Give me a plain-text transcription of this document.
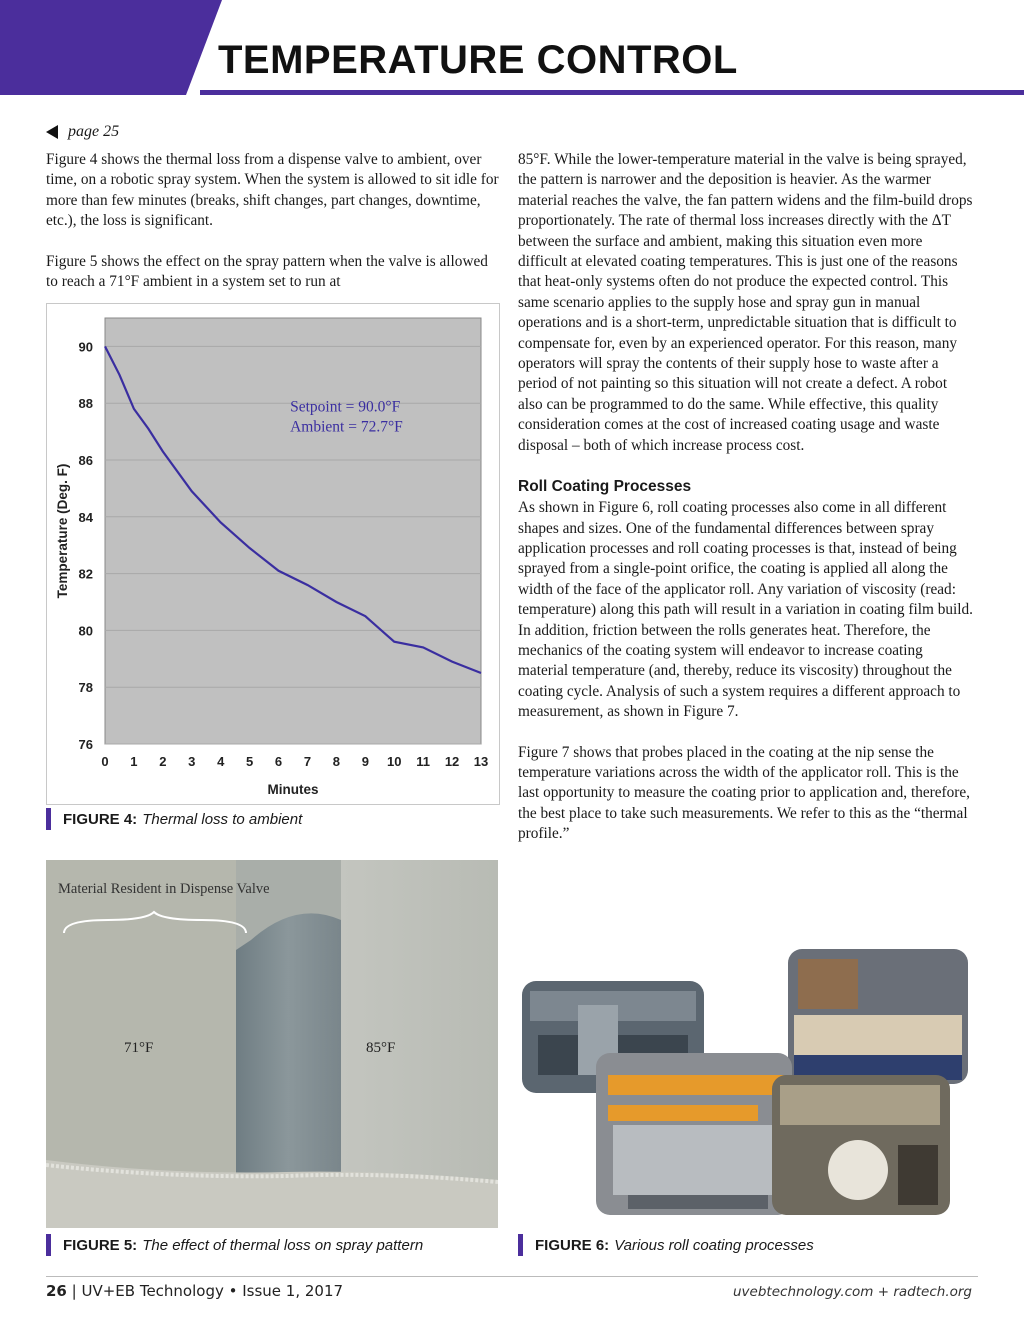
TEMPERATURE CONTROL
page 25

Figure 4 shows the thermal loss from a dispense valve to ambient, over time, on a robotic spray system. When the system is allowed to sit idle for more than few minutes (breaks, shift changes, part changes, downtime, etc.), the loss is significant.

Figure 5 shows the effect on the spray pattern when the valve is allowed to reach a 71°F ambient in a system set to run at

76
78
80
82
84
86
88
90
0 1 2 3 4 5 6 7 8 9 10 11 12 13
Minutes
Temperature (Deg. F)
Setpoint = 90.0°F
Ambient = 72.7°F
FIGURE 4: Thermal loss to ambient
Material Resident in Dispense Valve
71°F	85°F
FIGURE 5: The effect of thermal loss on spray pattern

85°F. While the lower-temperature material in the valve is being sprayed, the pattern is narrower and the deposition is heavier. As the warmer material reaches the valve, the fan pattern widens and the film-build drops proportionately. The rate of thermal loss increases directly with the ΔT between the surface and ambient, making this situation even more difficult at elevated coating temperatures. This is just one of the reasons that heat-only systems often do not produce the expected control. This same scenario applies to the supply hose and spray gun in manual operations and is a short-term, unpredictable situation that is difficult to compensate for, even by an experienced operator. For this reason, many operators will spray the contents of their supply hose to waste after a period of not painting so this situation will not create a defect. A robot also can be programmed to do the same. While effective, this quality consideration comes at the cost of increased coating usage and waste disposal – both of which increase process cost.

Roll Coating Processes

As shown in Figure 6, roll coating processes also come in all different shapes and sizes. One of the fundamental differences between spray application processes and roll coating processes is that, instead of being sprayed from a single-point orifice, the coating is applied all along the width of the face of the applicator roll. Any variation of viscosity (read: temperature) along this path will result in a variation in coating film build. In addition, friction between the rolls generates heat. Therefore, the mechanics of the coating system will endeavor to increase coating material temperature (and, thereby, reduce its viscosity) throughout the coating cycle. Analysis of such a system requires a different approach to measurement, as shown in Figure 7.

Figure 7 shows that probes placed in the coating at the nip sense the temperature variations across the width of the applicator roll. This is the last opportunity to measure the coating prior to application and, therefore, the best place to take such measurements. We refer to this as the “thermal profile.”

FIGURE 6: Various roll coating processes
26 | UV+EB Technology • Issue 1, 2017	uvebtechnology.com + radtech.org
